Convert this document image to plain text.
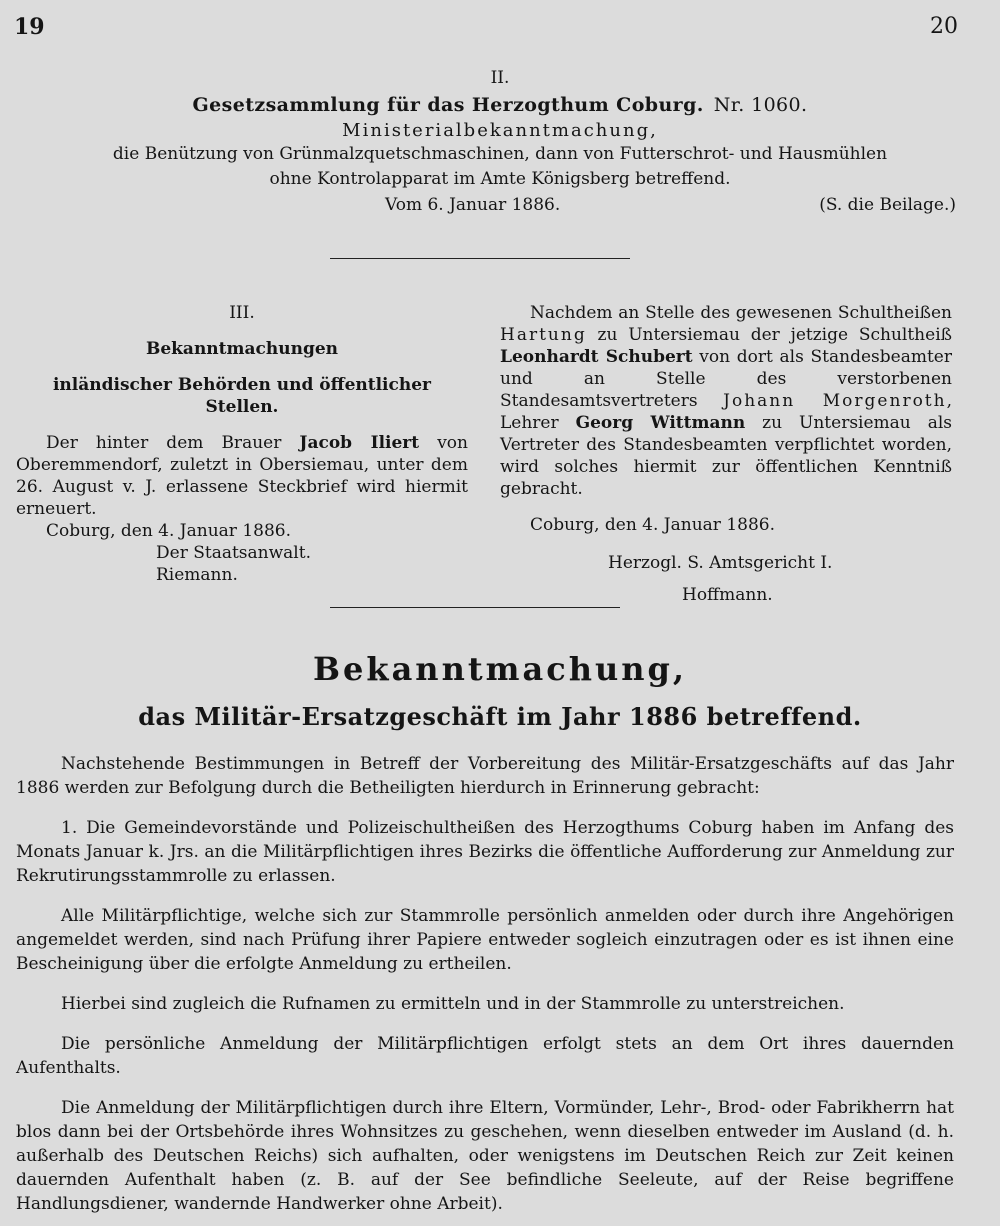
19	20
II.
Gesetzsammlung für das Herzogthum Coburg. Nr. 1060.
Ministerialbekanntmachung,
die Benützung von Grünmalzquetschmaschinen, dann von Futterschrot- und Hausmühlen
ohne Kontrolapparat im Amte Königsberg betreffend.
Vom 6. Januar 1886.	(S. die Beilage.)
III.
Bekanntmachungen
inländischer Behörden und öffentlicher Stellen.

Der hinter dem Brauer Jacob Iliert von Oberemmendorf, zuletzt in Obersiemau, unter dem 26. August v. J. erlassene Steckbrief wird hiermit erneuert.

Coburg, den 4. Januar 1886.

Der Staatsanwalt.

Riemann.

Nachdem an Stelle des gewesenen Schultheißen Hartung zu Untersiemau der jetzige Schultheiß Leonhardt Schubert von dort als Standesbeamter und an Stelle des verstorbenen Standesamtsvertreters Johann Morgenroth, Lehrer Georg Wittmann zu Untersiemau als Vertreter des Standesbeamten verpflichtet worden, wird solches hiermit zur öffentlichen Kenntniß gebracht.

Coburg, den 4. Januar 1886.

Herzogl. S. Amtsgericht I.

Hoffmann.

Bekanntmachung,
das Militär-Ersatzgeschäft im Jahr 1886 betreffend.

Nachstehende Bestimmungen in Betreff der Vorbereitung des Militär-Ersatzgeschäfts auf das Jahr 1886 werden zur Befolgung durch die Betheiligten hierdurch in Erinnerung gebracht:

1. Die Gemeindevorstände und Polizeischultheißen des Herzogthums Coburg haben im Anfang des Monats Januar k. Jrs. an die Militärpflichtigen ihres Bezirks die öffentliche Aufforderung zur Anmeldung zur Rekrutirungsstammrolle zu erlassen.

Alle Militärpflichtige, welche sich zur Stammrolle persönlich anmelden oder durch ihre Angehörigen angemeldet werden, sind nach Prüfung ihrer Papiere entweder sogleich einzutragen oder es ist ihnen eine Bescheinigung über die erfolgte Anmeldung zu ertheilen.

Hierbei sind zugleich die Rufnamen zu ermitteln und in der Stammrolle zu unterstreichen.

Die persönliche Anmeldung der Militärpflichtigen erfolgt stets an dem Ort ihres dauernden Aufenthalts.

Die Anmeldung der Militärpflichtigen durch ihre Eltern, Vormünder, Lehr-, Brod- oder Fabrikherrn hat blos dann bei der Ortsbehörde ihres Wohnsitzes zu geschehen, wenn dieselben entweder im Ausland (d. h. außerhalb des Deutschen Reichs) sich aufhalten, oder wenigstens im Deutschen Reich zur Zeit keinen dauernden Aufenthalt haben (z. B. auf der See befindliche Seeleute, auf der Reise begriffene Handlungsdiener, wandernde Handwerker ohne Arbeit).
